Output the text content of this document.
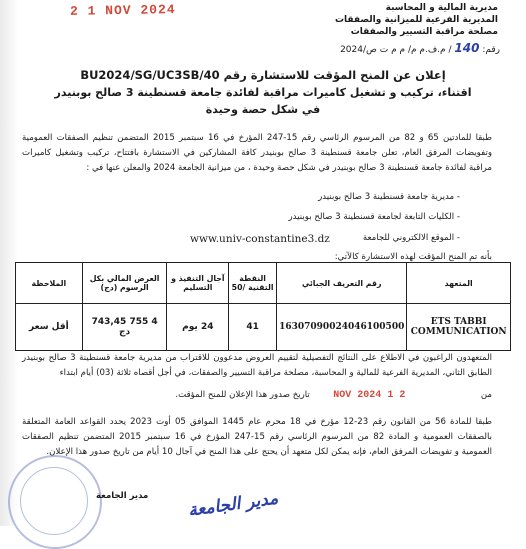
2 1 NOV 2024	مديرية المالية و المحاسبة
المديرية الفرعية للميزانية والصفقات
مصلحة مراقبة التسيير والصفقات
رقم: 140 / م.ف.م م/ م م ت ص/2024
إعلان عن المنح المؤقت للاستشارة رقم BU2024/SG/UC3SB/40
اقتناء، تركيب و تشغيل كاميرات مراقبة لفائدة جامعة قسنطينة 3 صالح بوبنيدر
في شكل حصة وحيدة
طبقا للمادتين 65 و 82 من المرسوم الرئاسي رقم 15-247 المؤرخ في 16 سبتمبر 2015 المتضمن تنظيم الصفقات العمومية وتفويضات المرفق العام، تعلن جامعة قسنطينة 3 صالح بوبنيدر كافة المشاركين في الاستشارة بافتتاح، تركيب وتشغيل كاميرات مراقبة لفائدة جامعة قسنطينة 3 صالح بوبنيدر في شكل حصة وحيدة ، من ميزانية الجامعة 2024 والمعلن عنها في :
- مديرية جامعة قسنطينة 3 صالح بوبنيدر
- الكليات التابعة لجامعة قسنطينة 3 صالح بوبنيدر
- الموقع الالكتروني للجامعة
www.univ-constantine3.dz
بأنه تم المنح المؤقت لهذه الاستشارة كالآتي:
المتعهد	رقم التعريف الجبائي	النقطة التقنية /50	آجال التنفيذ و التسليم	العرض المالي بكل الرسوم (دج)	الملاحظة
ETS TABBI COMMUNICATION	16307090024046100500	41	24 يوم	4 755 743,45 دج	أقل سعر
المتعهدون الراغبون في الاطلاع على النتائج التفصيلية لتقييم العروض مدعوون للاقتراب من مديرية جامعة قسنطينة 3 صالح بوبنيدر الطابق الثاني، المديرية الفرعية للمالية و المحاسبة، مصلحة مراقبة التسيير والصفقات، في أجل أقصاه ثلاثة (03) أيام ابتداء
من  2 1 NOV 2024  تاريخ صدور هذا الإعلان للمنح المؤقت.
طبقا للمادة 56 من القانون رقم 23-12 مؤرخ في 18 محرم عام 1445 الموافق 05 أوت 2023 يحدد القواعد العامة المتعلقة بالصفقات العمومية و المادة 82 من المرسوم الرئاسي رقم 15-247 المؤرخ في 16 سبتمبر 2015 المتضمن تنظيم الصفقات العمومية و تفويضات المرفق العام، فإنه يمكن لكل متعهد أن يحتج على هذا المنح في آجال 10 أيام من تاريخ صدور هذا الإعلان.
مدير الجامعة	مدير الجامعة
